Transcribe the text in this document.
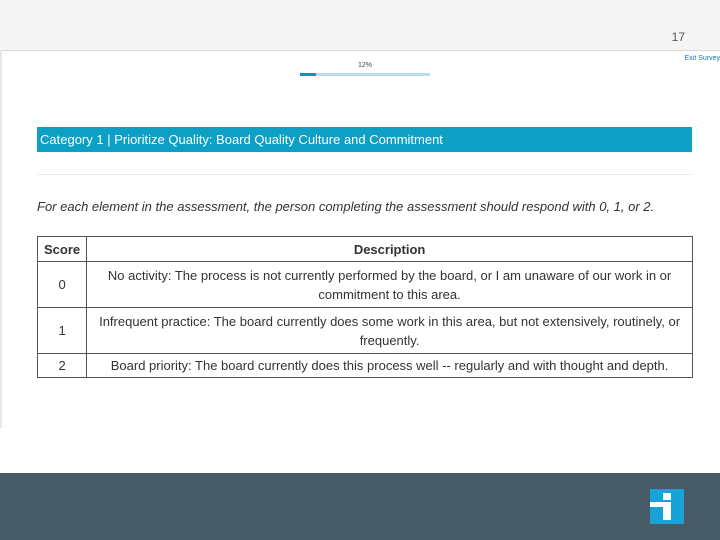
17
Exit Survey
12%
Category 1 | Prioritize Quality: Board Quality Culture and Commitment
For each element in the assessment, the person completing the assessment should respond with 0, 1, or 2.
Score	Description
0	No activity: The process is not currently performed by the board, or I am unaware of our work in or commitment to this area.
1	Infrequent practice: The board currently does some work in this area, but not extensively, routinely, or frequently.
2	Board priority: The board currently does this process well -- regularly and with thought and depth.
